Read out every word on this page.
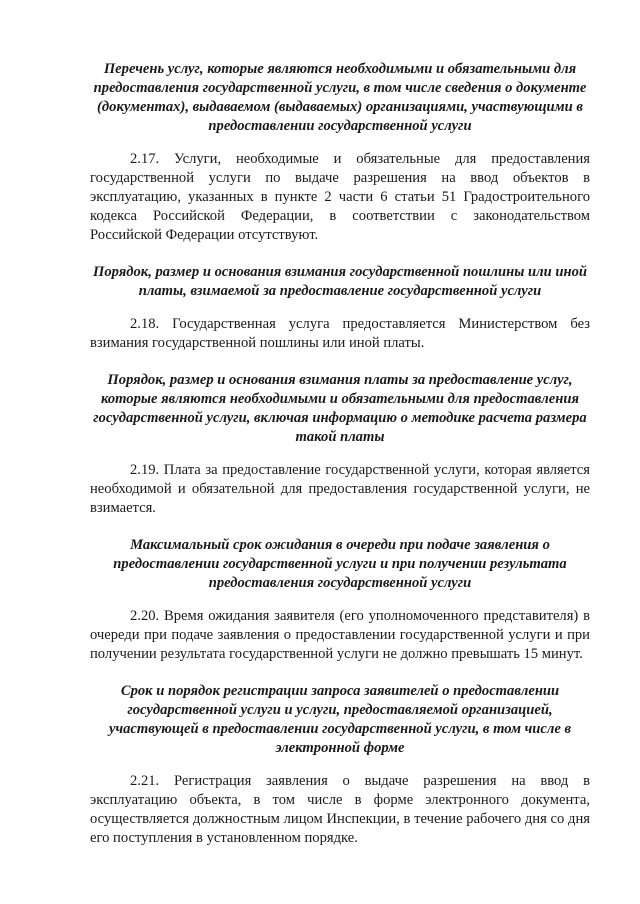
Перечень услуг, которые являются необходимыми и обязательными для предоставления государственной услуги, в том числе сведения о документе (документах), выдаваемом (выдаваемых) организациями, участвующими в предоставлении государственной услуги

2.17. Услуги, необходимые и обязательные для предоставления государственной услуги по выдаче разрешения на ввод объектов в эксплуатацию, указанных в пункте 2 части 6 статьи 51 Градостроительного кодекса Российской Федерации, в соответствии с законодательством Российской Федерации отсутствуют.

Порядок, размер и основания взимания государственной пошлины или иной платы, взимаемой за предоставление государственной услуги

2.18. Государственная услуга предоставляется Министерством без взимания государственной пошлины или иной платы.

Порядок, размер и основания взимания платы за предоставление услуг, которые являются необходимыми и обязательными для предоставления государственной услуги, включая информацию о методике расчета размера такой платы

2.19. Плата за предоставление государственной услуги, которая является необходимой и обязательной для предоставления государственной услуги, не взимается.

Максимальный срок ожидания в очереди при подаче заявления о предоставлении государственной услуги и при получении результата предоставления государственной услуги

2.20. Время ожидания заявителя (его уполномоченного представителя) в очереди при подаче заявления о предоставлении государственной услуги и при получении результата государственной услуги не должно превышать 15 минут.

Срок и порядок регистрации запроса заявителей о предоставлении государственной услуги и услуги, предоставляемой организацией, участвующей в предоставлении государственной услуги, в том числе в электронной форме

2.21. Регистрация заявления о выдаче разрешения на ввод в эксплуатацию объекта, в том числе в форме электронного документа, осуществляется должностным лицом Инспекции, в течение рабочего дня со дня его поступления в установленном порядке.
